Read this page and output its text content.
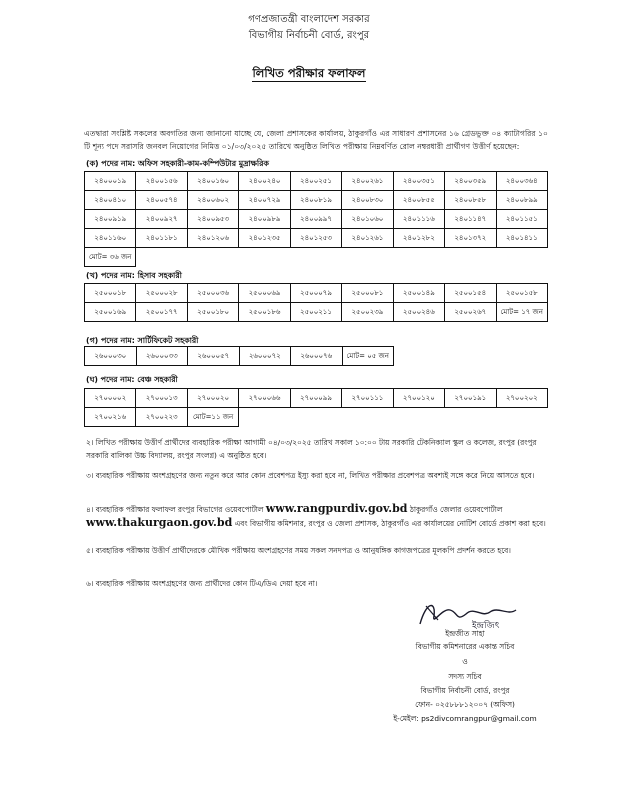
গণপ্রজাতন্ত্রী বাংলাদেশ সরকার
বিভাগীয় নির্বাচনী বোর্ড, রংপুর
লিখিত পরীক্ষার ফলাফল
এতদ্বারা সংশ্লিষ্ট সকলের অবগতির জন্য জানানো যাচ্ছে যে, জেলা প্রশাসকের কার্যালয়, ঠাকুরগাঁও এর সাধারণ প্রশাসনের ১৬ গ্রেডভুক্ত ০৪ ক্যাটাগরির ১০ টি শূন্য পদে সরাসরি জনবল নিয়োগের নিমিত্ত ০১/০৩/২০২৫ তারিখে অনুষ্ঠিত লিখিত পরীক্ষায় নিম্নবর্ণিত রোল নম্বরধারী প্রার্থীগণ উত্তীর্ণ হয়েছেন:
(ক) পদের নাম: অফিস সহকারী-কাম-কম্পিউটার মুদ্রাক্ষরিক
২৪০০০১৯	২৪০০১৫৬	২৪০০১৬০	২৪০০২৪০	২৪০০২৫১	২৪০০২৬১	২৪০০৩৫১	২৪০০৩৫৯	২৪০০৩৬৪
২৪০০৪১০	২৪০০৫৭৪	২৪০০৬০২	২৪০০৭২৯	২৪০০৮১৯	২৪০০৮৩০	২৪০০৮৫৫	২৪০০৮৫৮	২৪০০৮৯৯
২৪০০৯১৯	২৪০০৯২৭	২৪০০৯৫৩	২৪০০৯৮৯	২৪০০৯৯৭	২৪০১০৬০	২৪০১১১৬	২৪০১১৪৭	২৪০১১৫১
২৪০১১৬০	২৪০১১৮১	২৪০১২০৬	২৪০১২৩৫	২৪০১২৫৩	২৪০১২৬১	২৪০১২৮২	২৪০১৩৭২	২৪০১৪১১
মোট= ৩৬ জন								
(খ) পদের নাম: হিসাব সহকারী
২৫০০০১৮	২৫০০০২৮	২৫০০০৩৬	২৫০০০৬৯	২৫০০০৭৯	২৫০০০৮১	২৫০০১৪৯	২৫০০১৫৪	২৫০০১৫৮
২৫০০১৬৯	২৫০০১৭৭	২৫০০১৮০	২৫০০১৮৬	২৫০০২১১	২৫০০২৩৯	২৫০০২৪৬	২৫০০২৬৭	মোট= ১৭ জন
(গ) পদের নাম: সার্টিফিকেট সহকারী
২৬০০০৩০	২৬০০০৩৩	২৬০০০৫৭	২৬০০০৭২	২৬০০০৭৬	মোট= ০৫ জন
(ঘ) পদের নাম: বেঞ্চ সহকারী
২৭০০০০২	২৭০০০১৩	২৭০০০২০	২৭০০০৬৬	২৭০০০৯৯	২৭০০১১১	২৭০০১২০	২৭০০১৯১	২৭০০২০২
২৭০০২১৬	২৭০০২২৩	মোট=১১ জন						
২। লিখিত পরীক্ষায় উত্তীর্ণ প্রার্থীদের ব্যবহারিক পরীক্ষা আগামী ০৪/০৩/২০২৫ তারিখ সকাল ১০:০০ টায় সরকারি টেকনিক্যাল স্কুল ও কলেজ, রংপুর (রংপুর সরকারি বালিকা উচ্চ বিদ্যালয়, রংপুর সংলগ্ন) এ অনুষ্ঠিত হবে।
৩। ব্যবহারিক পরীক্ষায় অংশগ্রহণের জন্য নতুন করে আর কোন প্রবেশপত্র ইস্যু করা হবে না, লিখিত পরীক্ষার প্রবেশপত্র অবশ্যই সঙ্গে করে নিয়ে আসতে হবে।
৪। ব্যবহারিক পরীক্ষার ফলাফল রংপুর বিভাগের ওয়েবপোর্টাল www.rangpurdiv.gov.bd ঠাকুরগাঁও জেলার ওয়েবপোর্টাল www.thakurgaon.gov.bd এবং বিভাগীয় কমিশনার, রংপুর ও জেলা প্রশাসক, ঠাকুরগাঁও এর কার্যালয়ের নোটিশ বোর্ডে প্রকাশ করা হবে।
৫। ব্যবহারিক পরীক্ষায় উত্তীর্ণ প্রার্থীদেরকে মৌখিক পরীক্ষায় অংশগ্রহণের সময় সকল সনদপত্র ও আনুষঙ্গিক কাগজপত্রের মূলকপি প্রদর্শন করতে হবে।
৬। ব্যবহারিক পরীক্ষায় অংশগ্রহণের জন্য প্রার্থীদের কোন টিএ/ডিএ দেয়া হবে না।
ইন্দ্রজিৎ
ইন্দ্রজীত সাহা
বিভাগীয় কমিশনারের একান্ত সচিব
ও
সদস্য সচিব
বিভাগীয় নির্বাচনী বোর্ড, রংপুর
ফোন- ০২৫৮৮৮১২০০৭ (অফিস)
ই-মেইল: ps2divcomrangpur@gmail.com
